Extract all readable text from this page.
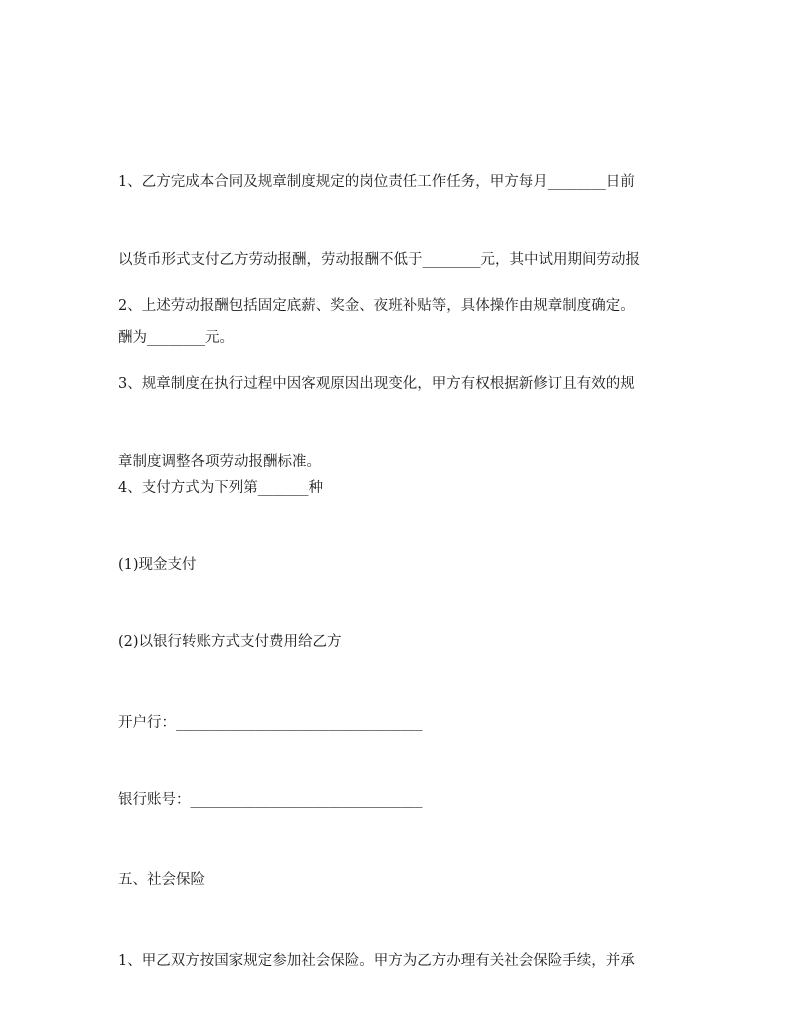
1、乙方完成本合同及规章制度规定的岗位责任工作任务，甲方每月________日前

以货币形式支付乙方劳动报酬，劳动报酬不低于________元，其中试用期间劳动报

酬为________元。

2、上述劳动报酬包括固定底薪、奖金、夜班补贴等，具体操作由规章制度确定。

3、规章制度在执行过程中因客观原因出现变化，甲方有权根据新修订且有效的规

章制度调整各项劳动报酬标准。

4、支付方式为下列第_______种

(1)现金支付

(2)以银行转账方式支付费用给乙方

开户行：__________________________________

银行账号：________________________________

五、社会保险

1、甲乙双方按国家规定参加社会保险。甲方为乙方办理有关社会保险手续，并承
